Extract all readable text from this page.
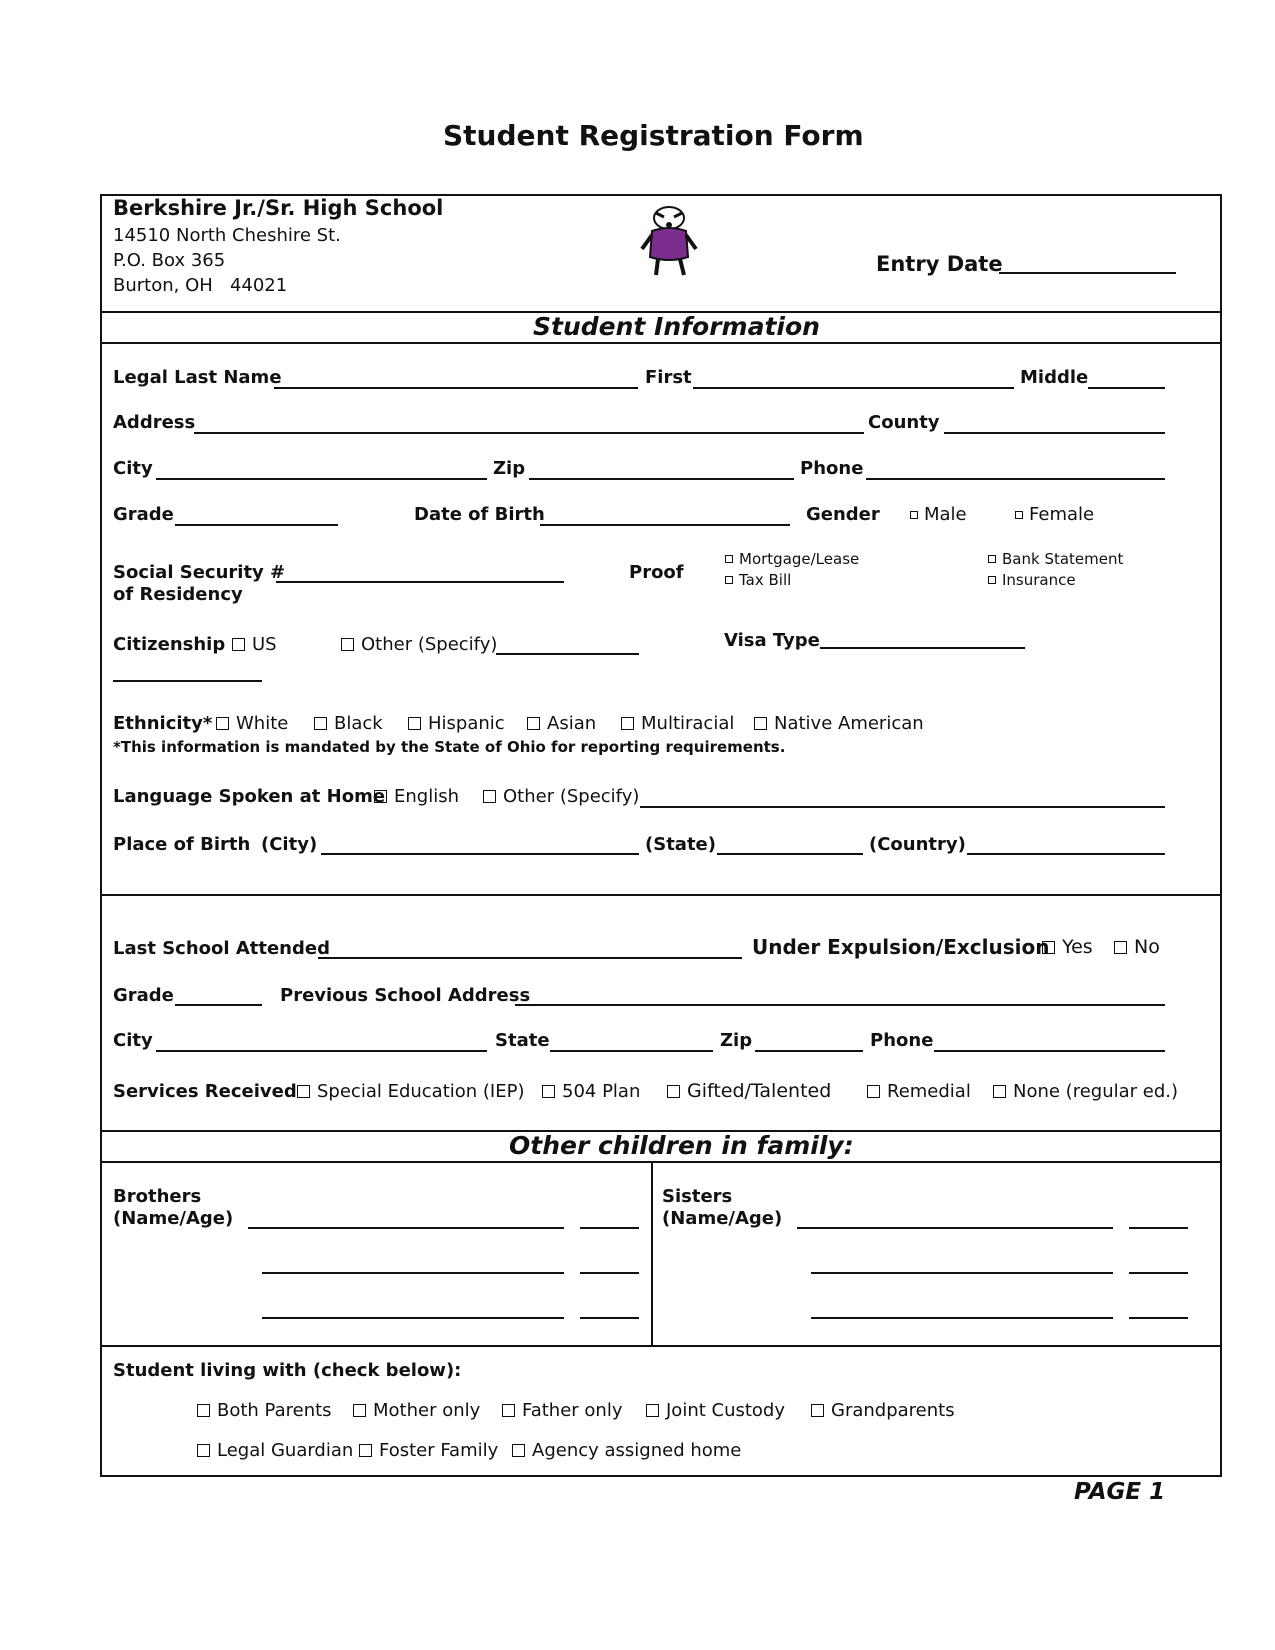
Student Registration Form
Berkshire Jr./Sr. High School
14510 North Cheshire St.
P.O. Box 365
Burton, OH   44021
Entry Date
Student Information
Legal Last Name	First	Middle
Address	County
City	Zip	Phone
Grade	Date of Birth	Gender	Male	Female
Social Security #
of Residency
Proof
Mortgage/Lease
Tax Bill
Bank Statement
Insurance
Citizenship	US	Other (Specify)	Visa Type
Ethnicity*	White	Black	Hispanic	Asian	Multiracial	Native American
*This information is mandated by the State of Ohio for reporting requirements.
Language Spoken at Home English	Other (Specify)
Place of Birth (City)	(State)	(Country)
Last School Attended	Under Expulsion/Exclusion Yes	No
Grade	Previous School Address
City	State	Zip	Phone
Services Received	Special Education (IEP)	504 Plan	Gifted/Talented	Remedial	None (regular ed.)
Other children in family:
Brothers
(Name/Age)
Sisters
(Name/Age)
Student living with (check below):
Both Parents	Mother only	Father only	Joint Custody	Grandparents
Legal Guardian	Foster Family	Agency assigned home
PAGE 1
